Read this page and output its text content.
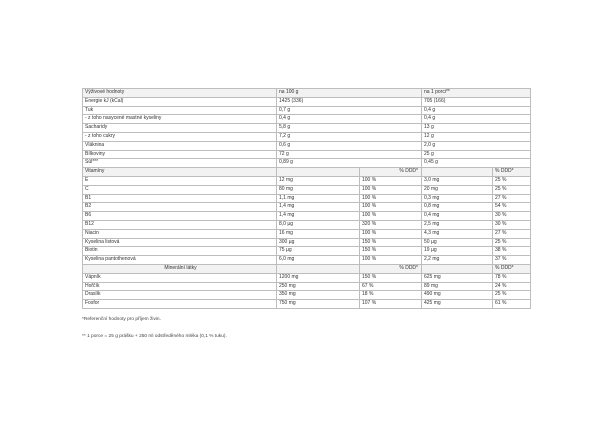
Výživové hodnoty	na 100 g		na 1 porci**	
Energie kJ (kCal)	1425 (336)		705 (166)	
Tuk	0,7 g		0,4 g	
- z toho nasycené mastné kyseliny	0,4 g		0,4 g	
Sacharidy	5,8 g		13 g	
- z toho cukry	7,2 g		12 g	
Vláknina	0,6 g		2,0 g	
Bílkoviny	72 g		25 g	
Sůl***	0,89 g		0,45 g	
Vitamíny		% DDD*		% DDD*
E	12 mg	100 %	3,0 mg	25 %
C	80 mg	100 %	20 mg	25 %
B1	1,1 mg	100 %	0,3 mg	27 %
B2	1,4 mg	100 %	0,8 mg	54 %
B6	1,4 mg	100 %	0,4 mg	30 %
B12	8,0 µg	320 %	2,5 mg	30 %
Niacin	16 mg	100 %	4,3 mg	27 %
Kyselina listová	300 µg	150 %	50 µg	25 %
Biotin	75 µg	150 %	19 µg	38 %
Kyselina pantothenová	6,0 mg	100 %	2,2 mg	37 %
Minerální látky		% DDD*		% DDD*
Vápník	1200 mg	150 %	625 mg	78 %
Hořčík	250 mg	67 %	89 mg	24 %
Draslík	350 mg	18 %	490 mg	25 %
Fosfor	750 mg	107 %	425 mg	61 %

*Referenční hodnoty pro příjem živin.

** 1 porce = 25 g prášku + 250 ml odstředěného mléka (0,1 % tuku).
